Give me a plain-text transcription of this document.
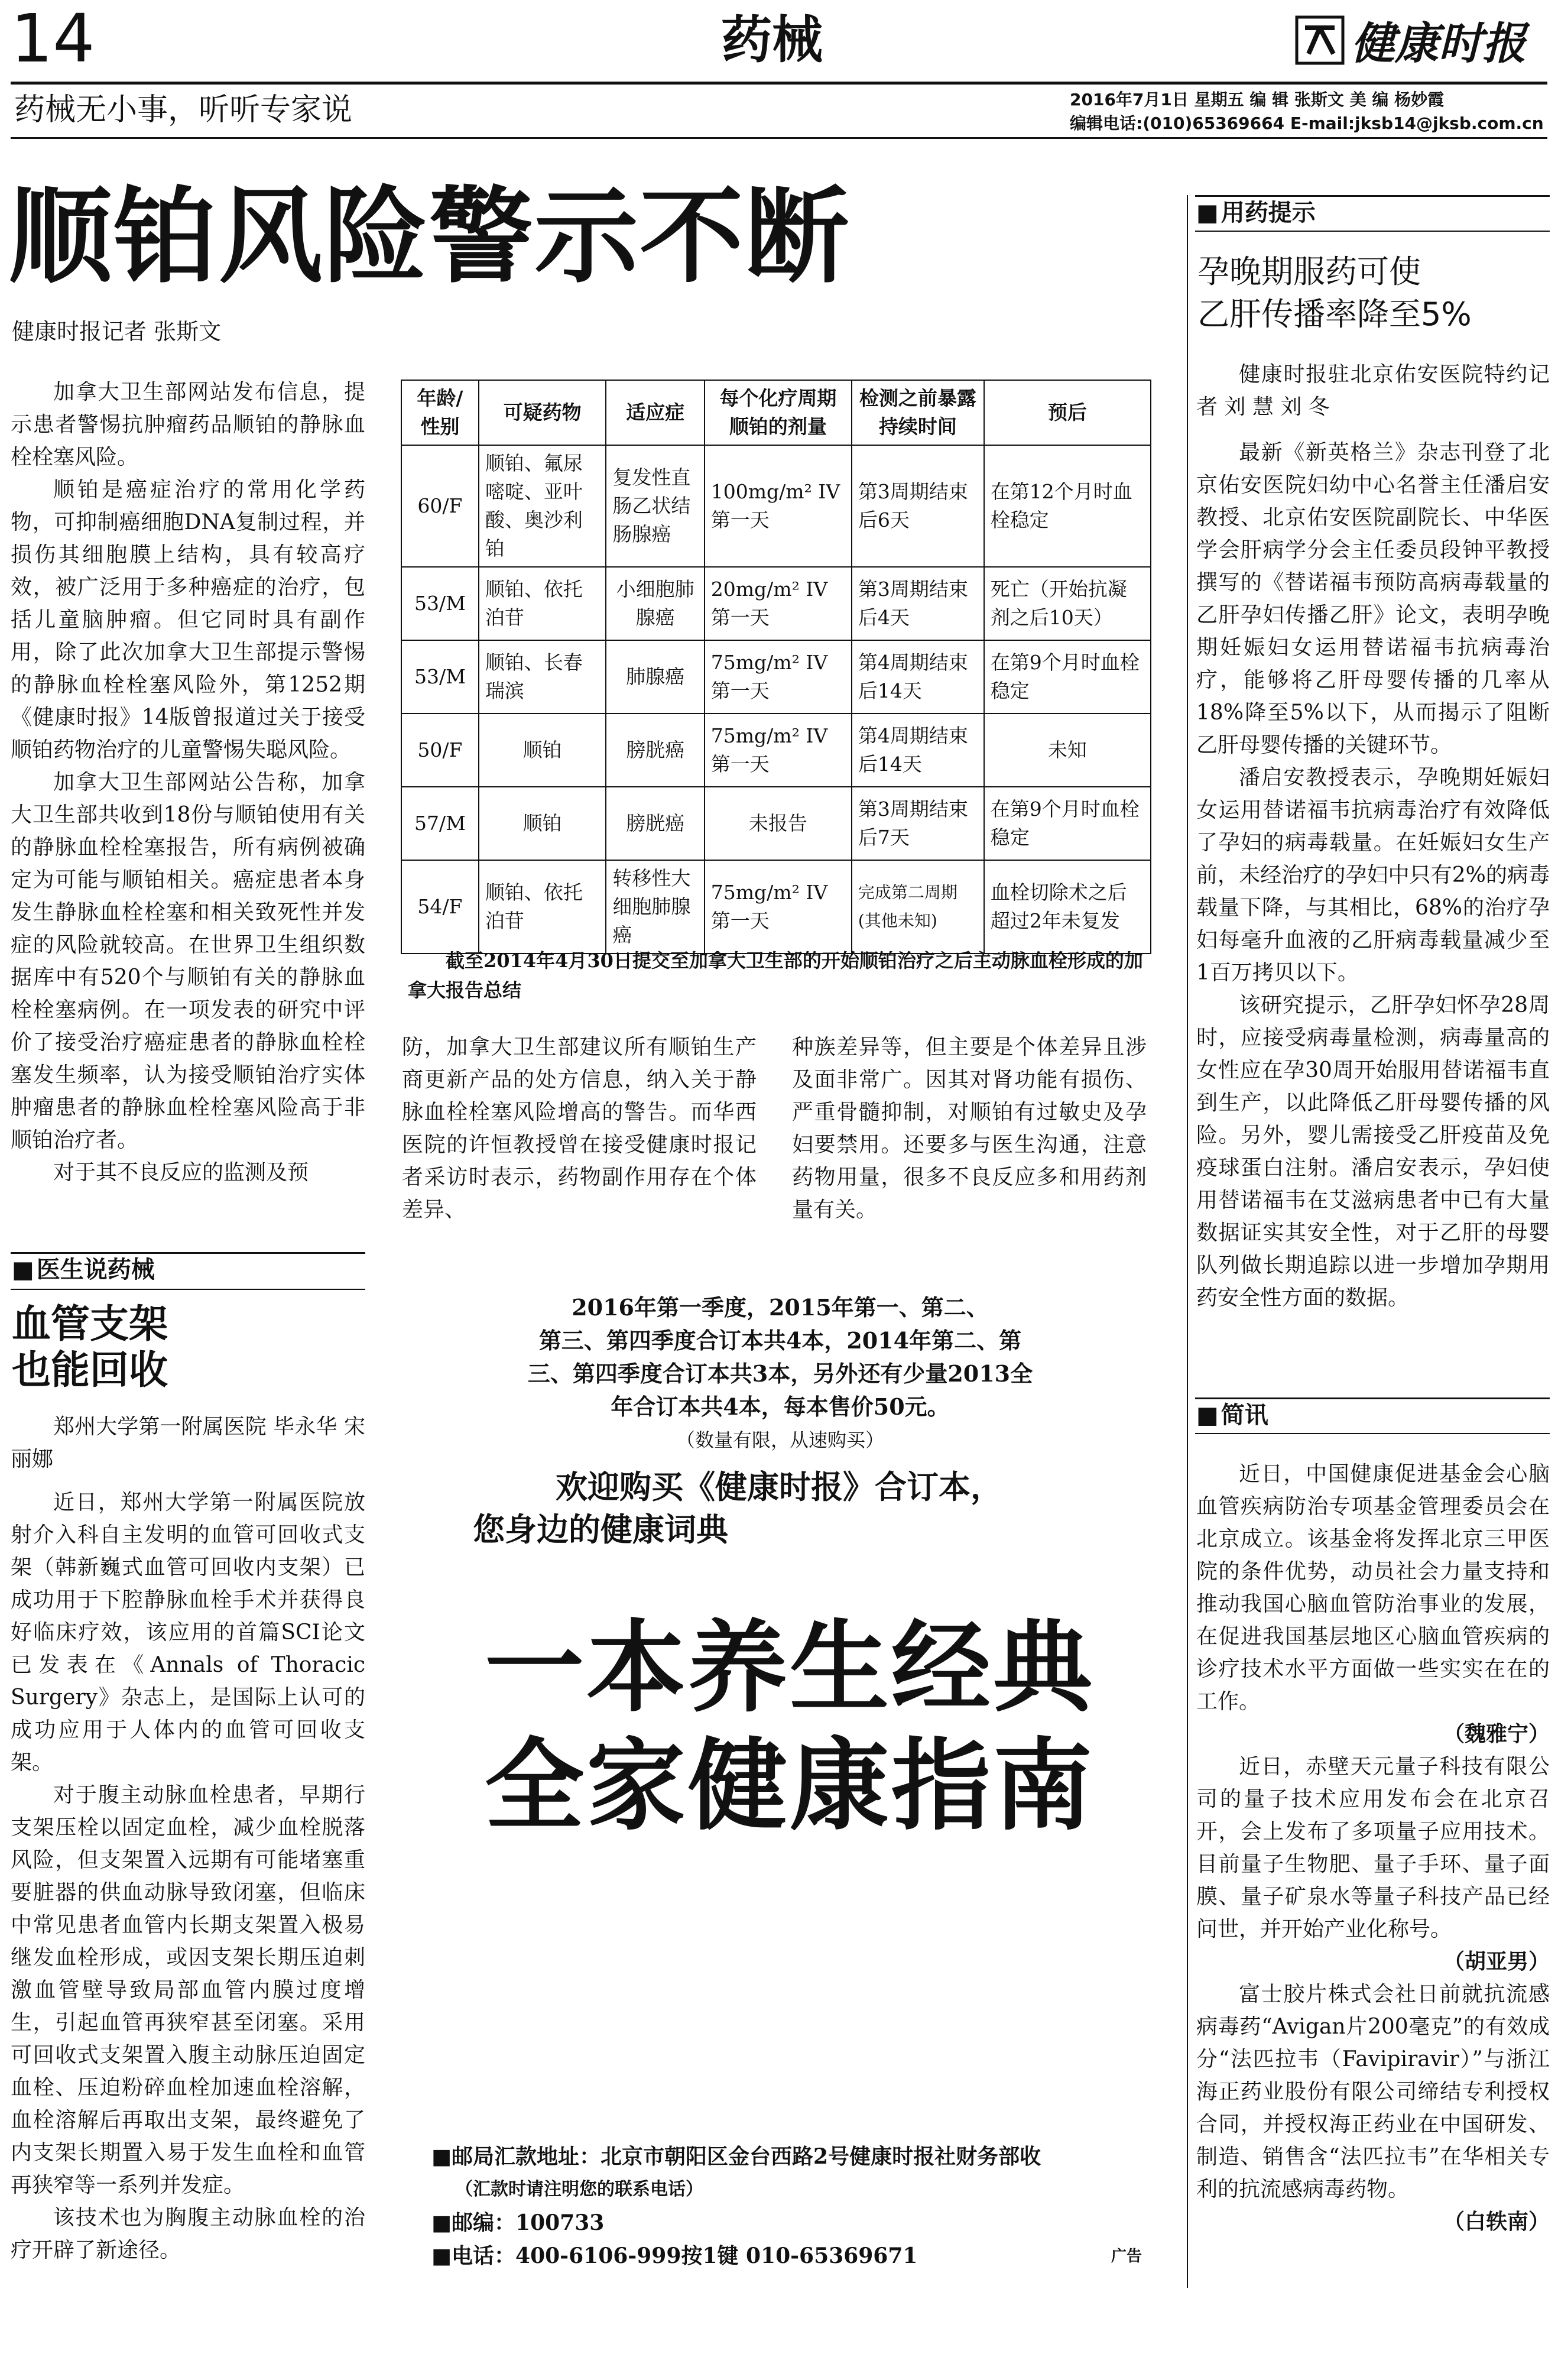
14	药械	健康时报
药械无小事，听听专家说	2016年7月1日 星期五 编 辑 张斯文 美 编 杨妙霞
编辑电话:(010)65369664 E-mail:jksb14@jksb.com.cn
顺铂风险警示不断
健康时报记者 张斯文

加拿大卫生部网站发布信息，提示患者警惕抗肿瘤药品顺铂的静脉血栓栓塞风险。

顺铂是癌症治疗的常用化学药物，可抑制癌细胞DNA复制过程，并损伤其细胞膜上结构，具有较高疗效，被广泛用于多种癌症的治疗，包括儿童脑肿瘤。但它同时具有副作用，除了此次加拿大卫生部提示警惕的静脉血栓栓塞风险外，第1252期《健康时报》14版曾报道过关于接受顺铂药物治疗的儿童警惕失聪风险。

加拿大卫生部网站公告称，加拿大卫生部共收到18份与顺铂使用有关的静脉血栓栓塞报告，所有病例被确定为可能与顺铂相关。癌症患者本身发生静脉血栓栓塞和相关致死性并发症的风险就较高。在世界卫生组织数据库中有520个与顺铂有关的静脉血栓栓塞病例。在一项发表的研究中评价了接受治疗癌症患者的静脉血栓栓塞发生频率，认为接受顺铂治疗实体肿瘤患者的静脉血栓栓塞风险高于非顺铂治疗者。

对于其不良反应的监测及预

年龄/性别	可疑药物	适应症	每个化疗周期顺铂的剂量	检测之前暴露持续时间	预后
60/F	顺铂、氟尿嘧啶、亚叶酸、奥沙利铂	复发性直肠乙状结肠腺癌	100mg/m² IV 第一天	第3周期结束后6天	在第12个月时血栓稳定
53/M	顺铂、依托泊苷	小细胞肺腺癌	20mg/m² IV 第一天	第3周期结束后4天	死亡（开始抗凝剂之后10天）
53/M	顺铂、长春瑞滨	肺腺癌	75mg/m² IV 第一天	第4周期结束后14天	在第9个月时血栓稳定
50/F	顺铂	膀胱癌	75mg/m² IV 第一天	第4周期结束后14天	未知
57/M	顺铂	膀胱癌	未报告	第3周期结束后7天	在第9个月时血栓稳定
54/F	顺铂、依托泊苷	转移性大细胞肺腺癌	75mg/m² IV 第一天	完成第二周期(其他未知)	血栓切除术之后超过2年未复发
截至2014年4月30日提交至加拿大卫生部的开始顺铂治疗之后主动脉血栓形成的加拿大报告总结

防，加拿大卫生部建议所有顺铂生产商更新产品的处方信息，纳入关于静脉血栓栓塞风险增高的警告。而华西医院的许恒教授曾在接受健康时报记者采访时表示，药物副作用存在个体差异、

种族差异等，但主要是个体差异且涉及面非常广。因其对肾功能有损伤、严重骨髓抑制，对顺铂有过敏史及孕妇要禁用。还要多与医生沟通，注意药物用量，很多不良反应多和用药剂量有关。

■ 医生说药械
血管支架
也能回收

郑州大学第一附属医院 毕永华 宋丽娜

近日，郑州大学第一附属医院放射介入科自主发明的血管可回收式支架（韩新巍式血管可回收内支架）已成功用于下腔静脉血栓手术并获得良好临床疗效，该应用的首篇SCI论文已发表在《Annals of Thoracic Surgery》杂志上，是国际上认可的成功应用于人体内的血管可回收支架。

对于腹主动脉血栓患者，早期行支架压栓以固定血栓，减少血栓脱落风险，但支架置入远期有可能堵塞重要脏器的供血动脉导致闭塞，但临床中常见患者血管内长期支架置入极易继发血栓形成，或因支架长期压迫刺激血管壁导致局部血管内膜过度增生，引起血管再狭窄甚至闭塞。采用可回收式支架置入腹主动脉压迫固定血栓、压迫粉碎血栓加速血栓溶解，血栓溶解后再取出支架，最终避免了内支架长期置入易于发生血栓和血管再狭窄等一系列并发症。

该技术也为胸腹主动脉血栓的治疗开辟了新途径。

2016年第一季度，2015年第一、第二、
第三、第四季度合订本共4本，2014年第二、第
三、第四季度合订本共3本，另外还有少量2013全
年合订本共4本，每本售价50元。
（数量有限，从速购买）
欢迎购买《健康时报》合订本，
您身边的健康词典
一本养生经典
全家健康指南
■邮局汇款地址：北京市朝阳区金台西路2号健康时报社财务部收
（汇款时请注明您的联系电话）
■邮编：100733
■电话：400-6106-999按1键 010-65369671	广告
■ 用药提示
孕晚期服药可使
乙肝传播率降至5%

健康时报驻北京佑安医院特约记者 刘 慧 刘 冬

最新《新英格兰》杂志刊登了北京佑安医院妇幼中心名誉主任潘启安教授、北京佑安医院副院长、中华医学会肝病学分会主任委员段钟平教授撰写的《替诺福韦预防高病毒载量的乙肝孕妇传播乙肝》论文，表明孕晚期妊娠妇女运用替诺福韦抗病毒治疗，能够将乙肝母婴传播的几率从18%降至5%以下，从而揭示了阻断乙肝母婴传播的关键环节。

潘启安教授表示，孕晚期妊娠妇女运用替诺福韦抗病毒治疗有效降低了孕妇的病毒载量。在妊娠妇女生产前，未经治疗的孕妇中只有2%的病毒载量下降，与其相比，68%的治疗孕妇每毫升血液的乙肝病毒载量减少至1百万拷贝以下。

该研究提示，乙肝孕妇怀孕28周时，应接受病毒量检测，病毒量高的女性应在孕30周开始服用替诺福韦直到生产，以此降低乙肝母婴传播的风险。另外，婴儿需接受乙肝疫苗及免疫球蛋白注射。潘启安表示，孕妇使用替诺福韦在艾滋病患者中已有大量数据证实其安全性，对于乙肝的母婴队列做长期追踪以进一步增加孕期用药安全性方面的数据。

■ 简讯

近日，中国健康促进基金会心脑血管疾病防治专项基金管理委员会在北京成立。该基金将发挥北京三甲医院的条件优势，动员社会力量支持和推动我国心脑血管防治事业的发展，在促进我国基层地区心脑血管疾病的诊疗技术水平方面做一些实实在在的工作。

（魏雅宁）

近日，赤壁天元量子科技有限公司的量子技术应用发布会在北京召开，会上发布了多项量子应用技术。目前量子生物肥、量子手环、量子面膜、量子矿泉水等量子科技产品已经问世，并开始产业化称号。

（胡亚男）

富士胶片株式会社日前就抗流感病毒药“Avigan片200毫克”的有效成分“法匹拉韦（Favipiravir）”与浙江海正药业股份有限公司缔结专利授权合同，并授权海正药业在中国研发、制造、销售含“法匹拉韦”在华相关专利的抗流感病毒药物。

（白轶南）
